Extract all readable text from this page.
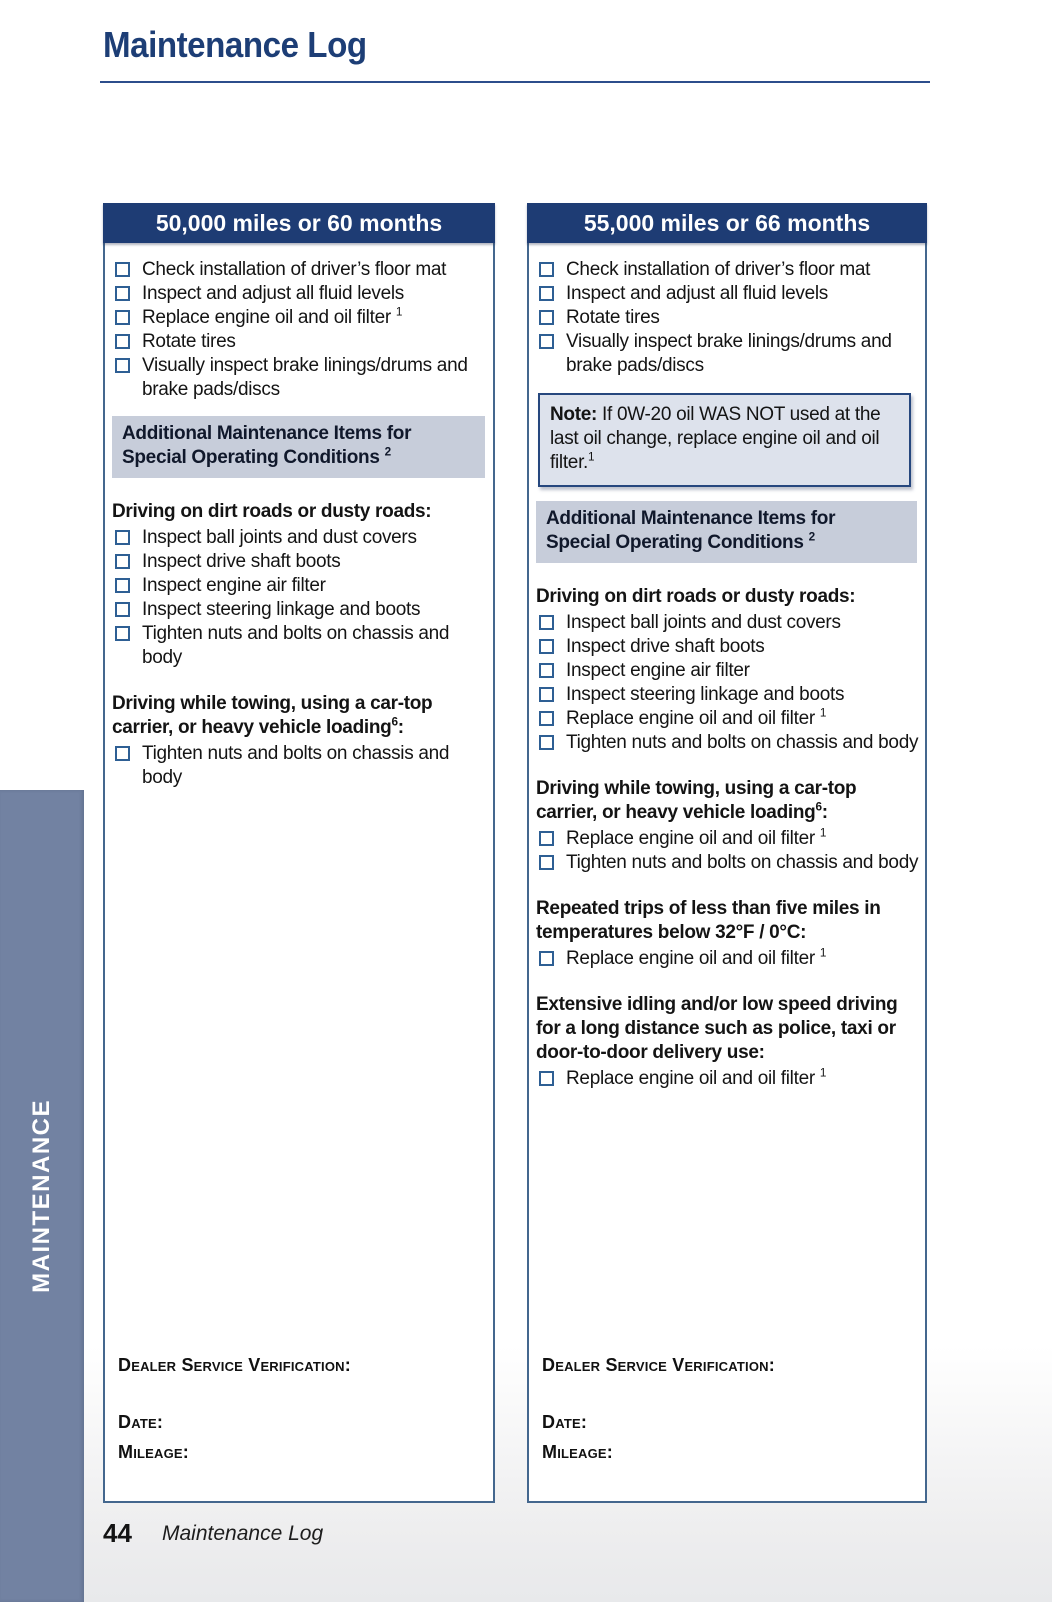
Maintenance Log
50,000 miles or 60 months
Check installation of driver’s floor mat
Inspect and adjust all fluid levels
Replace engine oil and oil filter $^1$
Rotate tires
Visually inspect brake linings/drums and brake pads/discs
Additional Maintenance Items for Special Operating Conditions $^2$
Driving on dirt roads or dusty roads:
Inspect ball joints and dust covers
Inspect drive shaft boots
Inspect engine air filter
Inspect steering linkage and boots
Tighten nuts and bolts on chassis and body
Driving while towing, using a car-top carrier, or heavy vehicle loading$^6$:
Tighten nuts and bolts on chassis and body
Dealer Service Verification:
Date:
Mileage:
55,000 miles or 66 months
Check installation of driver’s floor mat
Inspect and adjust all fluid levels
Rotate tires
Visually inspect brake linings/drums and brake pads/discs
Note: If 0W-20 oil WAS NOT used at the last oil change, replace engine oil and oil filter.$^1$
Additional Maintenance Items for Special Operating Conditions $^2$
Driving on dirt roads or dusty roads:
Inspect ball joints and dust covers
Inspect drive shaft boots
Inspect engine air filter
Inspect steering linkage and boots
Replace engine oil and oil filter $^1$
Tighten nuts and bolts on chassis and body
Driving while towing, using a car-top carrier, or heavy vehicle loading$^6$:
Replace engine oil and oil filter $^1$
Tighten nuts and bolts on chassis and body
Repeated trips of less than five miles in temperatures below 32°F / 0°C:
Replace engine oil and oil filter $^1$
Extensive idling and/or low speed driving for a long distance such as police, taxi or door-to-door delivery use:
Replace engine oil and oil filter $^1$
Dealer Service Verification:
Date:
Mileage:
MAINTENANCE
44 Maintenance Log
